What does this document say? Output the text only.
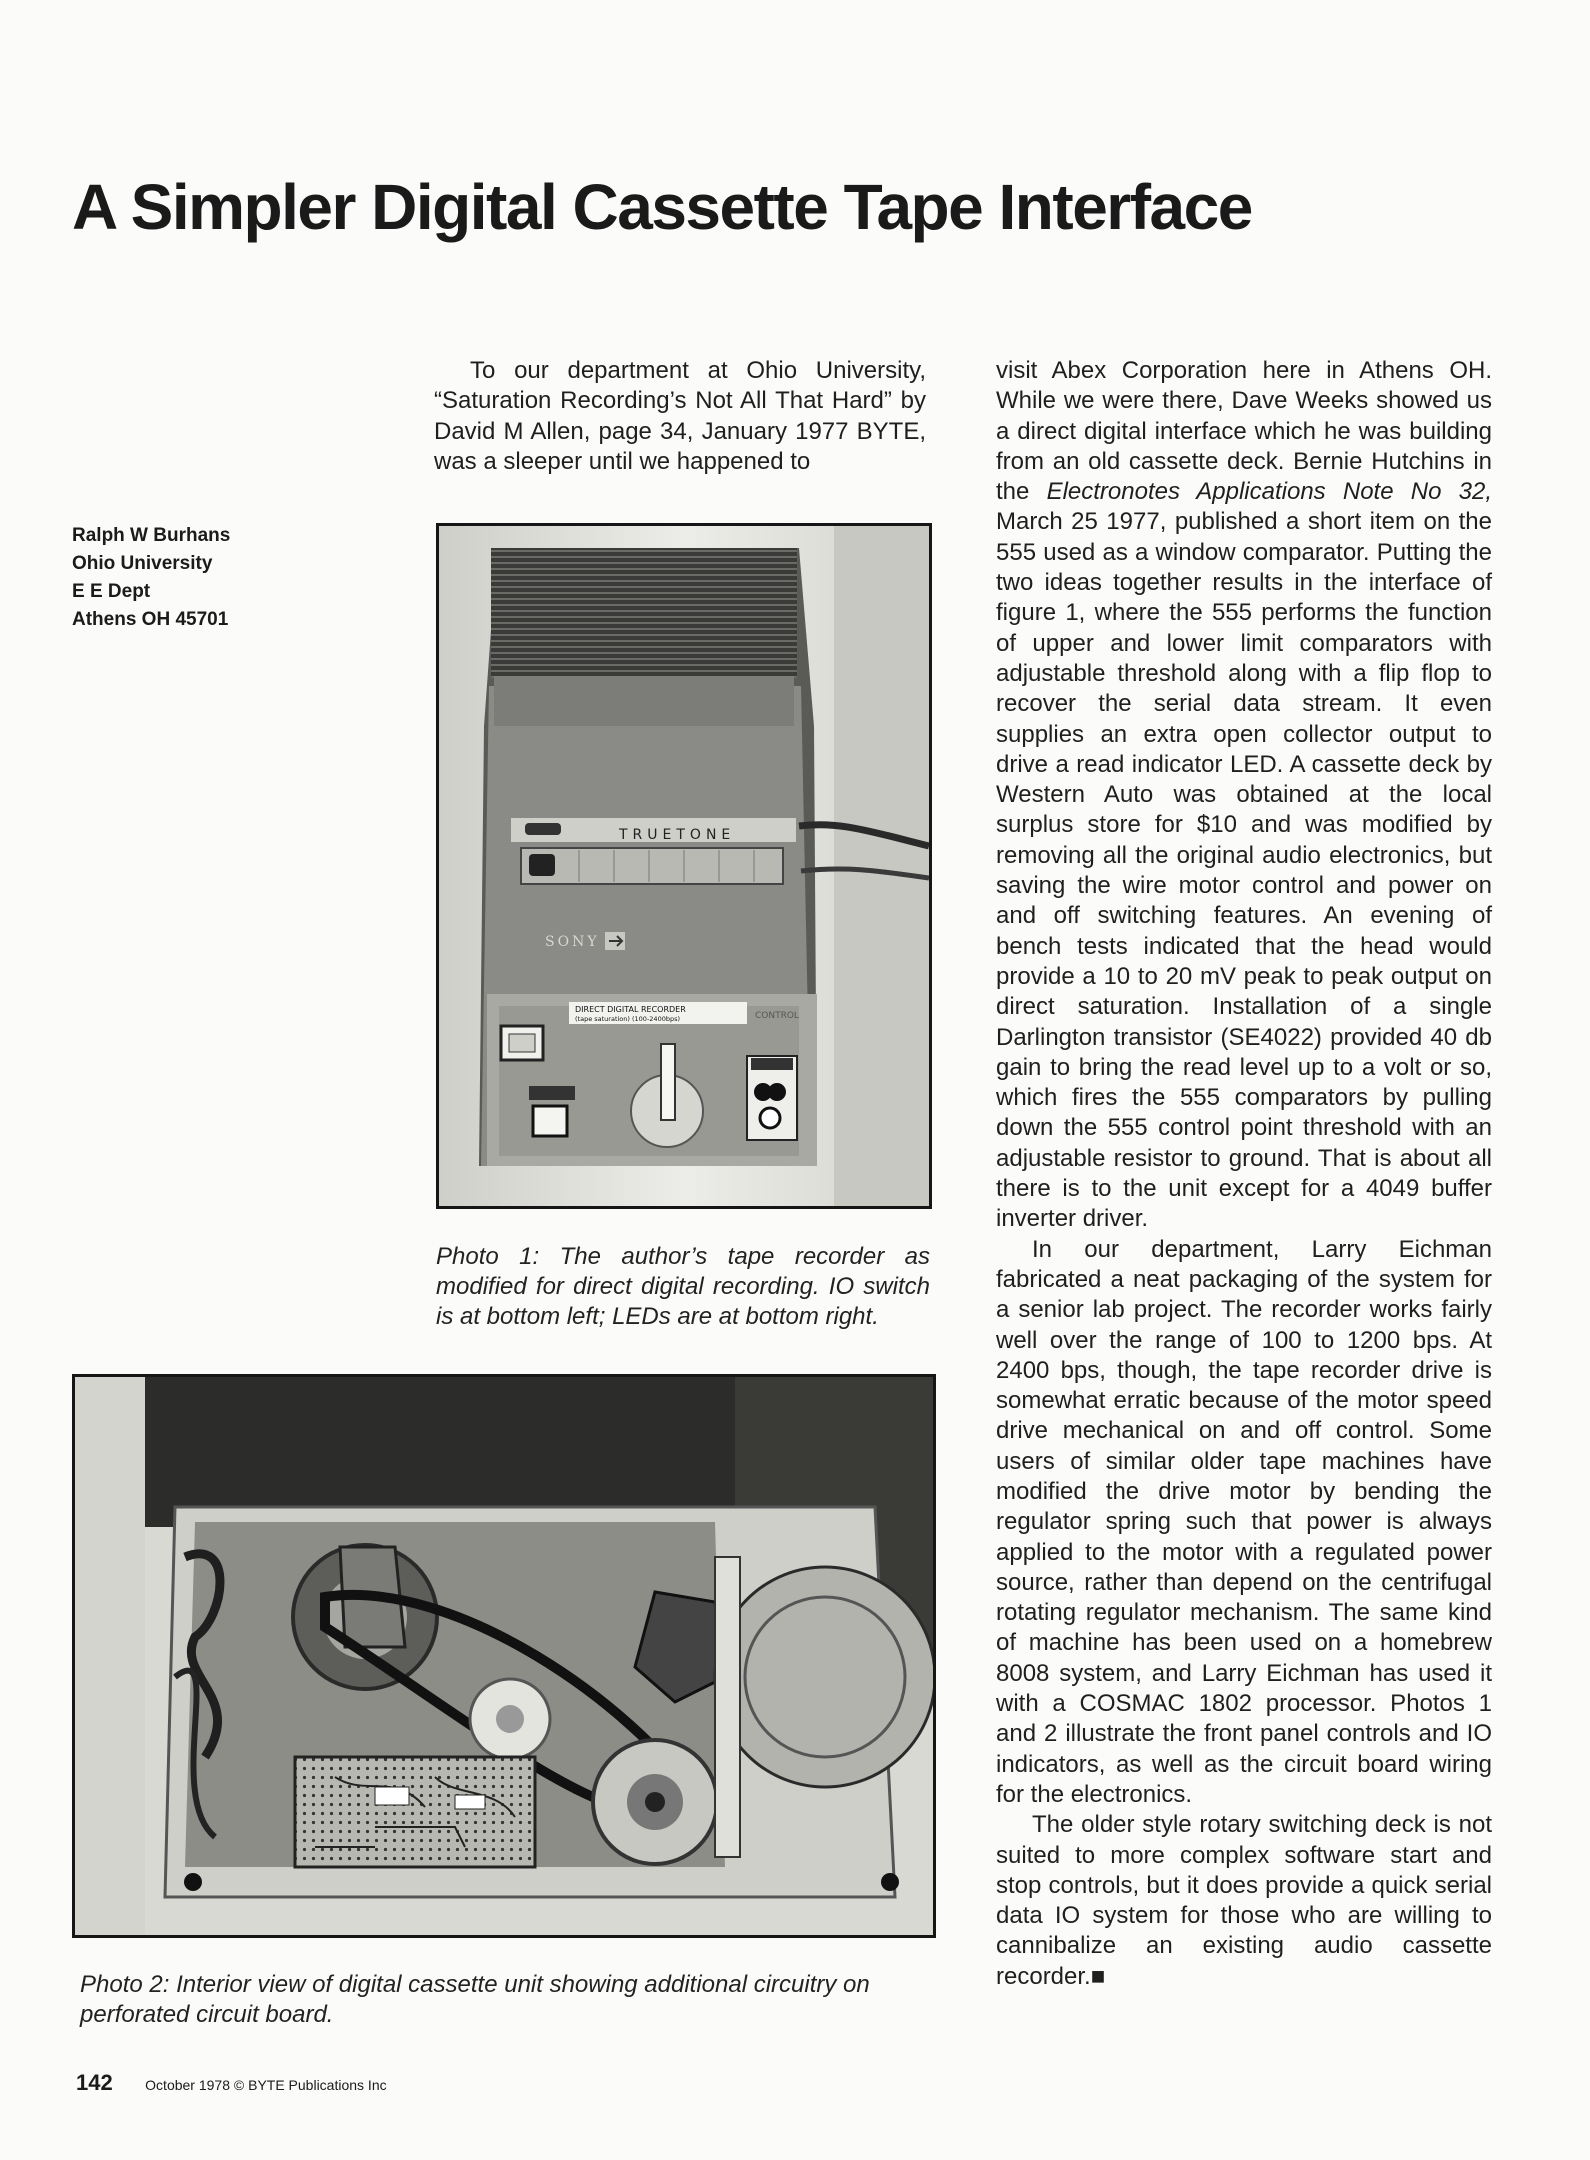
A Simpler Digital Cassette Tape Interface
Ralph W Burhans
Ohio University
E E Dept
Athens OH 45701

To our department at Ohio University, “Saturation Recording’s Not All That Hard” by David M Allen, page 34, January 1977 BYTE, was a sleeper until we happened to

TRUETONE
SONY
DIRECT DIGITAL RECORDER
(tape saturation) (100-2400bps)	CONTROL
Photo 1: The author’s tape recorder as modified for direct digital recording. IO switch is at bottom left; LEDs are at bottom right.
Photo 2: Interior view of digital cassette unit showing additional circuitry on perforated circuit board.

visit Abex Corporation here in Athens OH. While we were there, Dave Weeks showed us a direct digital interface which he was building from an old cassette deck. Bernie Hutchins in the Electronotes Applications Note No 32, March 25 1977, published a short item on the 555 used as a window comparator. Putting the two ideas together results in the interface of figure 1, where the 555 performs the function of upper and lower limit comparators with adjustable threshold along with a flip flop to recover the serial data stream. It even supplies an extra open collector output to drive a read indicator LED. A cassette deck by Western Auto was obtained at the local surplus store for $10 and was modified by removing all the original audio electronics, but saving the wire motor control and power on and off switching features. An evening of bench tests indicated that the head would provide a 10 to 20 mV peak to peak output on direct saturation. Installation of a single Darlington transistor (SE4022) provided 40 db gain to bring the read level up to a volt or so, which fires the 555 comparators by pulling down the 555 control point threshold with an adjustable resistor to ground. That is about all there is to the unit except for a 4049 buffer inverter driver.

In our department, Larry Eichman fabricated a neat packaging of the system for a senior lab project. The recorder works fairly well over the range of 100 to 1200 bps. At 2400 bps, though, the tape recorder drive is somewhat erratic because of the motor speed drive mechanical on and off control. Some users of similar older tape machines have modified the drive motor by bending the regulator spring such that power is always applied to the motor with a regulated power source, rather than depend on the centrifugal rotating regulator mechanism. The same kind of machine has been used on a homebrew 8008 system, and Larry Eichman has used it with a COSMAC 1802 processor. Photos 1 and 2 illustrate the front panel controls and IO indicators, as well as the circuit board wiring for the electronics.

The older style rotary switching deck is not suited to more complex software start and stop controls, but it does provide a quick serial data IO system for those who are willing to cannibalize an existing audio cassette recorder.■

142 October 1978 © BYTE Publications Inc
